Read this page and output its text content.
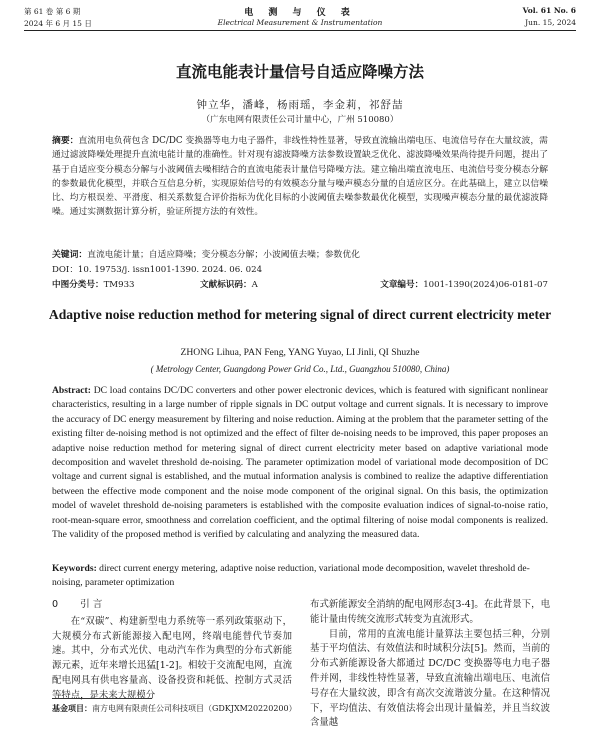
第 61 卷 第 6 期
2024 年 6 月 15 日
电 测 与 仪 表
Electrical Measurement & Instrumentation
Vol. 61 No. 6
Jun. 15, 2024
直流电能表计量信号自适应降噪方法
钟立华，潘峰，杨雨瑶，李金莉，祁舒喆
（广东电网有限责任公司计量中心，广州 510080）
摘要：直流用电负荷包含 DC/DC 变换器等电力电子器件，非线性特性显著，导致直流输出端电压、电流信号存在大量纹波，需通过滤波降噪处理提升直流电能计量的准确性。针对现有滤波降噪方法参数设置缺乏优化、滤波降噪效果尚待提升问题，提出了基于自适应变分模态分解与小波阈值去噪相结合的直流电能表计量信号降噪方法。建立输出端直流电压、电流信号变分模态分解的参数最优化模型，并联合互信息分析，实现原始信号的有效模态分量与噪声模态分量的自适应区分。在此基础上，建立以信噪比、均方根误差、平滑度、相关系数复合评价指标为优化目标的小波阈值去噪参数最优化模型，实现噪声模态分量的最优滤波降噪。通过实测数据计算分析，验证所提方法的有效性。
关键词：直流电能计量；自适应降噪；变分模态分解；小波阈值去噪；参数优化
DOI：10. 19753/j. issn1001-1390. 2024. 06. 024
中图分类号：TM933	文献标识码：A	文章编号：1001-1390(2024)06-0181-07
Adaptive noise reduction method for metering signal of direct current electricity meter
ZHONG Lihua, PAN Feng, YANG Yuyao, LI Jinli, QI Shuzhe
( Metrology Center, Guangdong Power Grid Co., Ltd., Guangzhou 510080, China)
Abstract: DC load contains DC/DC converters and other power electronic devices, which is featured with significant nonlinear characteristics, resulting in a large number of ripple signals in DC output voltage and current signals. It is necessary to improve the accuracy of DC energy measurement by filtering and noise reduction. Aiming at the problem that the parameter setting of the existing filter de-noising method is not optimized and the effect of filter de-noising needs to be improved, this paper proposes an adaptive noise reduction method for metering signal of direct current electricity meter based on adaptive variational mode decomposition and wavelet threshold de-noising. The parameter optimization model of variational mode decomposition of DC voltage and current signal is established, and the mutual information analysis is combined to realize the adaptive differentiation between the effective mode component and the noise mode component of the original signal. On this basis, the optimization model of wavelet threshold de-noising parameters is established with the composite evaluation indices of signal-to-noise ratio, root-mean-square error, smoothness and correlation coefficient, and the optimal filtering of noise modal components is realized. The validity of the proposed method is verified by calculating and analyzing the measured data.
Keywords: direct current energy metering, adaptive noise reduction, variational mode decomposition, wavelet threshold de-noising, parameter optimization
0 引 言

在“双碳”、构建新型电力系统等一系列政策驱动下，大规模分布式新能源接入配电网，终端电能替代节奏加速。其中，分布式光伏、电动汽车作为典型的分布式新能源元素，近年来增长迅猛[1-2]。相较于交流配电网，直流配电网具有供电容量高、设备投资和耗低、控制方式灵活等特点，是未来大规模分

布式新能源安全消纳的配电网形态[3-4]。在此背景下，电能计量由传统交流形式转变为直流形式。

目前，常用的直流电能计量算法主要包括三种，分别基于平均值法、有效值法和时域积分法[5]。然而，当前的分布式新能源设备大都通过 DC/DC 变换器等电力电子器件并网，非线性特性显著，导致直流输出端电压、电流信号存在大量纹波，即含有高次交流谐波分量。在这种情况下，平均值法、有效值法将会出现计量偏差，并且当纹波含量越

基金项目：南方电网有限责任公司科技项目（GDKJXM20220200）
